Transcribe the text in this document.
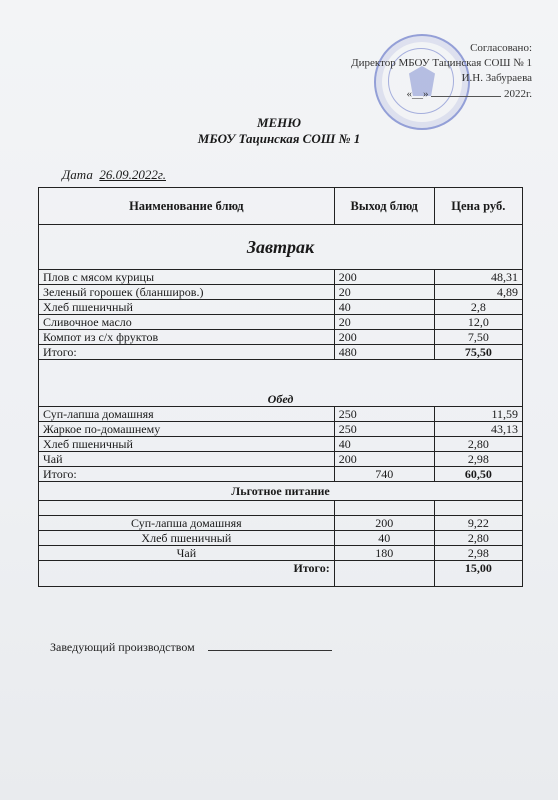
Согласовано:
Директор МБОУ Тацинская СОШ № 1
И.Н. Забураева
«__»	2022г.
МЕНЮ
МБОУ Тацинская СОШ № 1
Дата 26.09.2022г.
Наименование блюд	Выход блюд	Цена руб.
Завтрак		
Плов с мясом курицы	200	48,31
Зеленый горошек (бланширов.)	20	4,89
Хлеб пшеничный	40	2,8
Сливочное масло	20	12,0
Компот из с/х фруктов	200	7,50
Итого:	480	75,50
Обед		
Суп-лапша домашняя	250	11,59
Жаркое по-домашнему	250	43,13
Хлеб пшеничный	40	2,80
Чай	200	2,98
Итого:	740	60,50
Льготное питание		

Суп-лапша домашняя	200	9,22
Хлеб пшеничный	40	2,80
Чай	180	2,98
Итого:		15,00
Заведующий производством
